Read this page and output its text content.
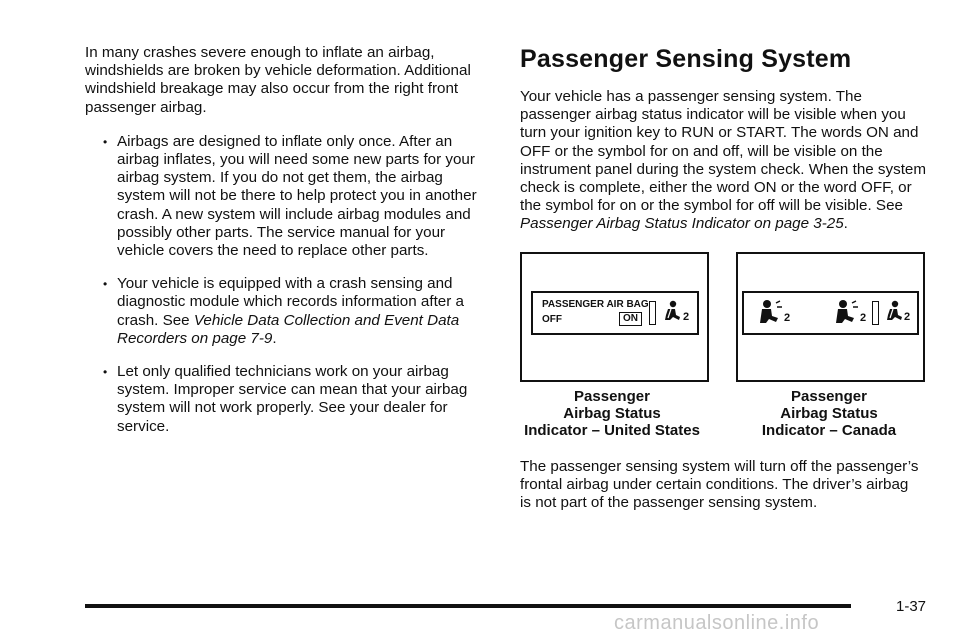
In many crashes severe enough to inflate an airbag, windshields are broken by vehicle deformation. Additional windshield breakage may also occur from the right front passenger airbag.

• Airbags are designed to inflate only once. After an airbag inflates, you will need some new parts for your airbag system. If you do not get them, the airbag system will not be there to help protect you in another crash. A new system will include airbag modules and possibly other parts. The service manual for your vehicle covers the need to replace other parts.
• Your vehicle is equipped with a crash sensing and diagnostic module which records information after a crash. See Vehicle Data Collection and Event Data Recorders on page 7-9.
• Let only qualified technicians work on your airbag system. Improper service can mean that your airbag system will not work properly. See your dealer for service.
Passenger Sensing System

Your vehicle has a passenger sensing system. The passenger airbag status indicator will be visible when you turn your ignition key to RUN or START. The words ON and OFF or the symbol for on and off, will be visible on the instrument panel during the system check. When the system check is complete, either the word ON or the word OFF, or the symbol for on or the symbol for off will be visible. See Passenger Airbag Status Indicator on page 3-25.

PASSENGER AIR BAG
OFF	ON	2
Passenger
Airbag Status
Indicator – United States
2	2	2
Passenger
Airbag Status
Indicator – Canada

The passenger sensing system will turn off the passenger’s frontal airbag under certain conditions. The driver’s airbag is not part of the passenger sensing system.

1-37
carmanualsonline.info
